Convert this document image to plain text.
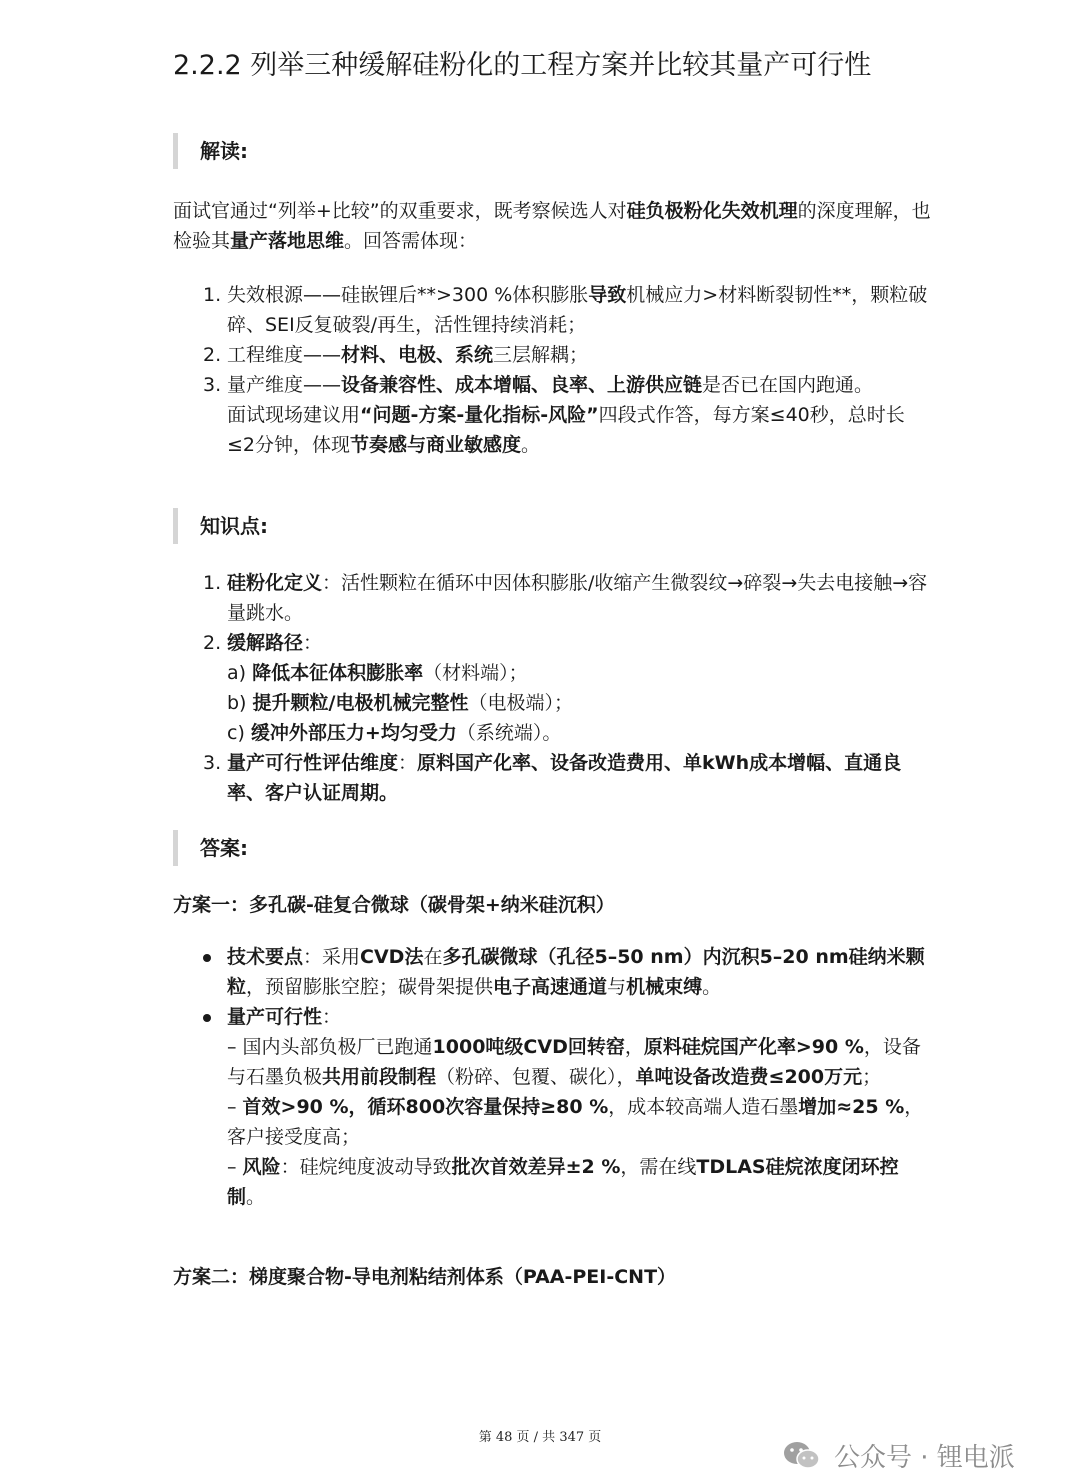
2.2.2 列举三种缓解硅粉化的工程方案并比较其量产可行性
解读:
面试官通过“列举+比较”的双重要求，既考察候选人对硅负极粉化失效机理的深度理解，也检验其量产落地思维。回答需体现：
1. 失效根源——硅嵌锂后**>300 %体积膨胀导致机械应力>材料断裂韧性**，颗粒破碎、SEI反复破裂/再生，活性锂持续消耗；
2. 工程维度——材料、电极、系统三层解耦；
3. 量产维度——设备兼容性、成本增幅、良率、上游供应链是否已在国内跑通。
面试现场建议用“问题-方案-量化指标-风险”四段式作答，每方案≤40秒，总时长≤2分钟，体现节奏感与商业敏感度。
知识点:
1. 硅粉化定义：活性颗粒在循环中因体积膨胀/收缩产生微裂纹→碎裂→失去电接触→容量跳水。
2. 缓解路径：
a) 降低本征体积膨胀率（材料端）；
b) 提升颗粒/电极机械完整性（电极端）；
c) 缓冲外部压力+均匀受力（系统端）。
3. 量产可行性评估维度：原料国产化率、设备改造费用、单kWh成本增幅、直通良率、客户认证周期。
答案:
方案一：多孔碳-硅复合微球（碳骨架+纳米硅沉积）
技术要点：采用CVD法在多孔碳微球（孔径5–50 nm）内沉积5–20 nm硅纳米颗粒，预留膨胀空腔；碳骨架提供电子高速通道与机械束缚。
量产可行性：
– 国内头部负极厂已跑通1000吨级CVD回转窑，原料硅烷国产化率>90 %，设备与石墨负极共用前段制程（粉碎、包覆、碳化），单吨设备改造费≤200万元；
– 首效>90 %，循环800次容量保持≥80 %，成本较高端人造石墨增加≈25 %，客户接受度高；
– 风险：硅烷纯度波动导致批次首效差异±2 %，需在线TDLAS硅烷浓度闭环控制。
方案二：梯度聚合物-导电剂粘结剂体系（PAA-PEI-CNT）
第 48 页 / 共 347 页
公众号 · 锂电派
